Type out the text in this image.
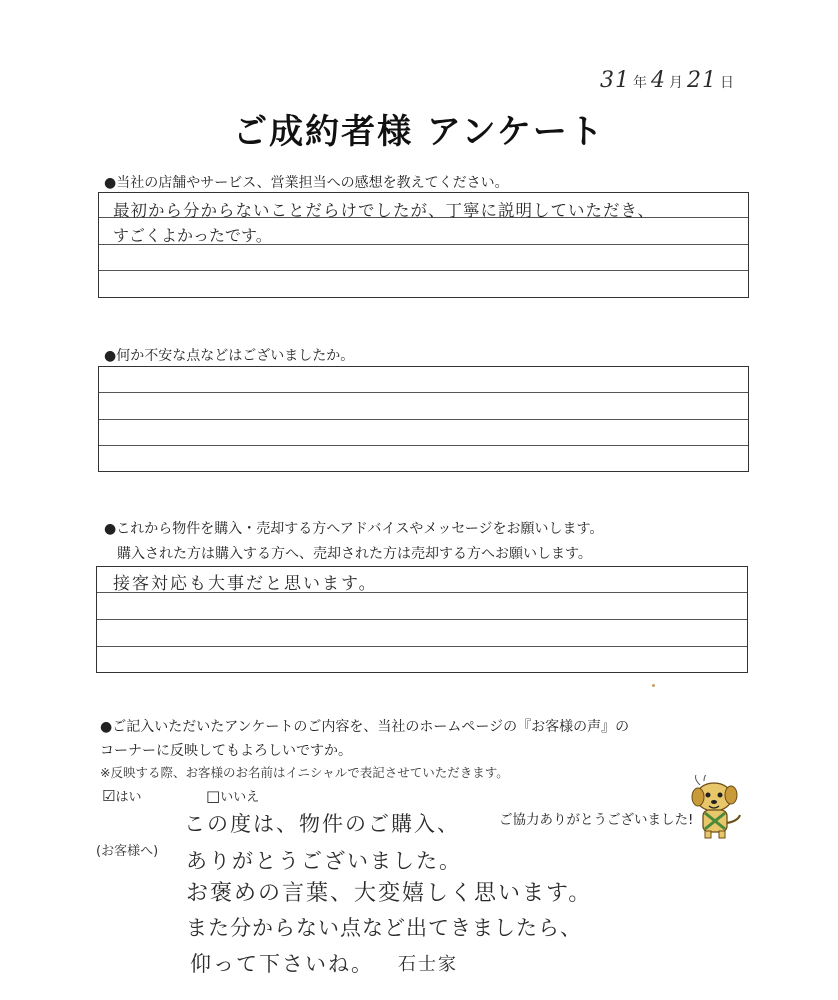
31 年 4 月 21 日
ご成約者様 アンケート
●当社の店舗やサービス、営業担当への感想を教えてください。
最初から分からないことだらけでしたが、丁寧に説明していただき、
すごくよかったです。
●何か不安な点などはございましたか。
●これから物件を購入・売却する方へアドバイスやメッセージをお願いします。
購入された方は購入する方へ、売却された方は売却する方へお願いします。
接客対応も大事だと思います。
●ご記入いただいたアンケートのご内容を、当社のホームページの『お客様の声』の
コーナーに反映してもよろしいですか。
※反映する際、お客様のお名前はイニシャルで表記させていただきます。
☑はい	□いいえ
ご協力ありがとうございました!
(お客様へ)
この度は、物件のご購入、
ありがとうございました。
お褒めの言葉、大変嬉しく思います。
また分からない点など出てきましたら、
仰って下さいね。 石士家
